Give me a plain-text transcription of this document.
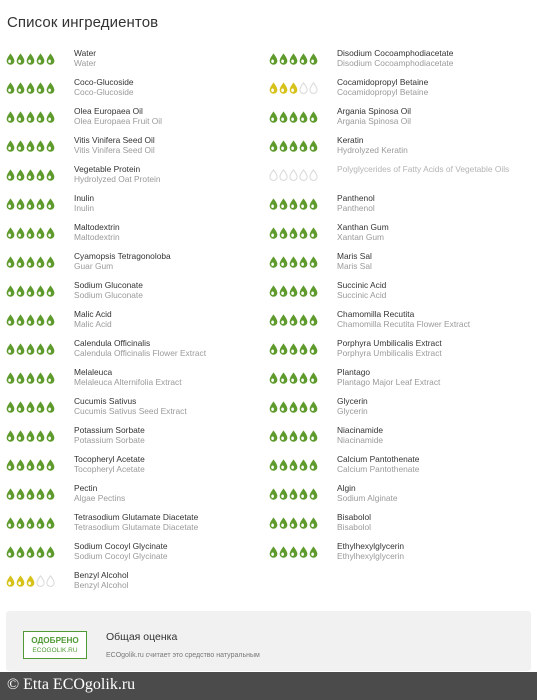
Список ингредиентов
Water
Water
Coco-Glucoside
Coco-Glucoside
Olea Europaea Oil
Olea Europaea Fruit Oil
Vitis Vinifera Seed Oil
Vitis Vinifera Seed Oil
Vegetable Protein
Hydrolyzed Oat Protein
Inulin
Inulin
Maltodextrin
Maltodextrin
Cyamopsis Tetragonoloba
Guar Gum
Sodium Gluconate
Sodium Gluconate
Malic Acid
Malic Acid
Calendula Officinalis
Calendula Officinalis Flower Extract
Melaleuca
Melaleuca Alternifolia Extract
Cucumis Sativus
Cucumis Sativus Seed Extract
Potassium Sorbate
Potassium Sorbate
Tocopheryl Acetate
Tocopheryl Acetate
Pectin
Algae Pectins
Tetrasodium Glutamate Diacetate
Tetrasodium Glutamate Diacetate
Sodium Cocoyl Glycinate
Sodium Cocoyl Glycinate
Benzyl Alcohol
Benzyl Alcohol
Disodium Cocoamphodiacetate
Disodium Cocoamphodiacetate
Cocamidopropyl Betaine
Cocamidopropyl Betaine
Argania Spinosa Oil
Argania Spinosa Oil
Keratin
Hydrolyzed Keratin
Polyglycerides of Fatty Acids of Vegetable Oils
Panthenol
Panthenol
Xanthan Gum
Xantan Gum
Maris Sal
Maris Sal
Succinic Acid
Succinic Acid
Chamomilla Recutita
Chamomilla Recutita Flower Extract
Porphyra Umbilicalis Extract
Porphyra Umbilicalis Extract
Plantago
Plantago Major Leaf Extract
Glycerin
Glycerin
Niacinamide
Niacinamide
Calcium Pantothenate
Calcium Pantothenate
Algin
Sodium Alginate
Bisabolol
Bisabolol
Ethylhexylglycerin
Ethylhexylglycerin
ОДОБРЕНО
ECOGOLIK.RU
Общая оценка
ECOgolik.ru считает это средство натуральным
© Etta ECOgolik.ru
